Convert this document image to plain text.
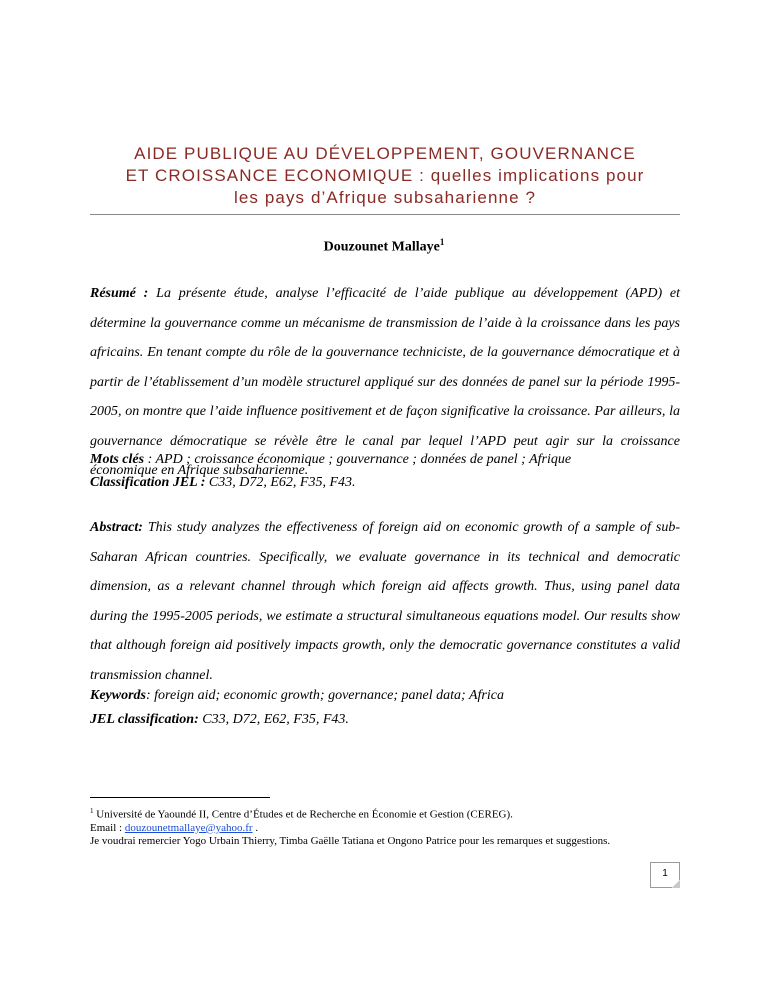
AIDE PUBLIQUE AU DÉVELOPPEMENT, GOUVERNANCE
ET CROISSANCE ECONOMIQUE : quelles implications pour
les pays d’Afrique subsaharienne ?
Douzounet Mallaye$^1$

Résumé : La présente étude, analyse l’efficacité de l’aide publique au développement (APD) et détermine la gouvernance comme un mécanisme de transmission de l’aide à la croissance dans les pays africains. En tenant compte du rôle de la gouvernance techniciste, de la gouvernance démocratique et à partir de l’établissement d’un modèle structurel appliqué sur des données de panel sur la période 1995-2005, on montre que l’aide influence positivement et de façon significative la croissance. Par ailleurs, la gouvernance démocratique se révèle être le canal par lequel l’APD peut agir sur la croissance économique en Afrique subsaharienne.

Mots clés : APD ; croissance économique ; gouvernance ; données de panel ; Afrique
Classification JEL : C33, D72, E62, F35, F43.

Abstract: This study analyzes the effectiveness of foreign aid on economic growth of a sample of sub-Saharan African countries. Specifically, we evaluate governance in its technical and democratic dimension, as a relevant channel through which foreign aid affects growth. Thus, using panel data during the 1995-2005 periods, we estimate a structural simultaneous equations model. Our results show that although foreign aid positively impacts growth, only the democratic governance constitutes a valid transmission channel.

Keywords: foreign aid; economic growth; governance; panel data; Africa
JEL classification: C33, D72, E62, F35, F43.

$^1$ Université de Yaoundé II, Centre d’Études et de Recherche en Économie et Gestion (CEREG).
Email : douzounetmallaye@yahoo.fr .
Je voudrai remercier Yogo Urbain Thierry, Timba Gaëlle Tatiana et Ongono Patrice pour les remarques et suggestions.

1
